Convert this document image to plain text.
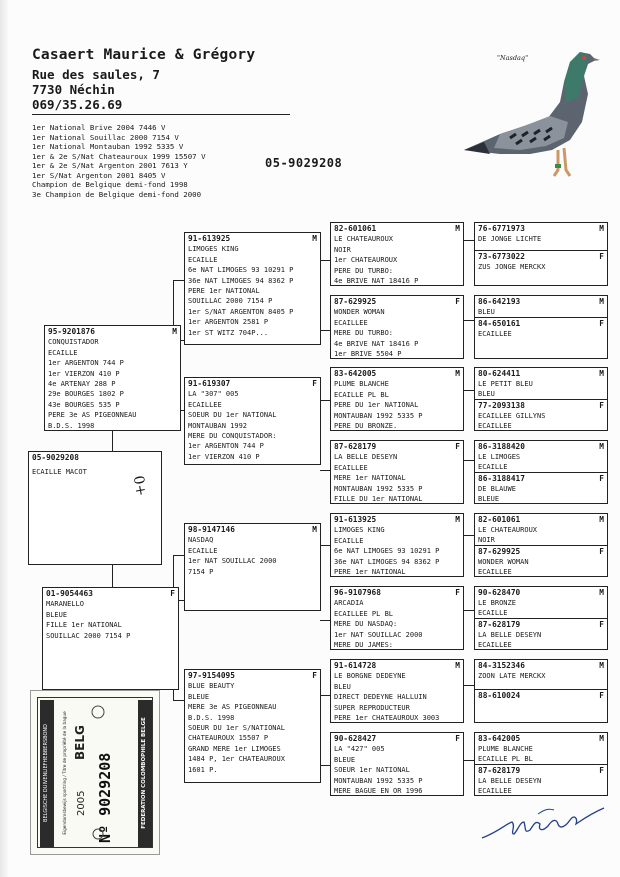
Casaert Maurice & Grégory
Rue des saules, 7
7730 Néchin
069/35.26.69
1er National Brive 2004 7446 V
1er National Souillac 2000 7154 V
1er National Montauban 1992 5335 V
1er & 2e S/Nat Chateauroux 1999 15507 V
1er & 2e S/Nat Argenton 2001 7613 Y
1er S/Nat Argenton 2001 8405 V
Champion de Belgique demi-fond 1998
3e Champion de Belgique demi-fond 2000
05-9029208
"Nasdaq"
95-9201876	M
CONQUISTADOR
ECAILLE
1er ARGENTON 744 P
1er VIERZON 410 P
4e ARTENAY 288 P
29e BOURGES 1802 P
43e BOURGES 535 P
PERE 3e AS PIGEONNEAU
B.D.S. 1998
05-9029208
ECAILLE MACOT
0+
01-9054463	F
MARANELLO
BLEUE
FILLE 1er NATIONAL
SOUILLAC 2000 7154 P
91-613925	M
LIMOGES KING
ECAILLE
6e NAT LIMOGES 93 10291 P
36e NAT LIMOGES 94 8362 P
PERE 1er NATIONAL
SOUILLAC 2000 7154 P
1er S/NAT ARGENTON 8405 P
1er ARGENTON 2581 P
1er ST WITZ 704P...
91-619307	F
LA "307" 005
ECAILLEE
SOEUR DU 1er NATIONAL
MONTAUBAN 1992
MERE DU CONQUISTADOR:
1er ARGENTON 744 P
1er VIERZON 410 P
98-9147146	M
NASDAQ
ECAILLE
1er NAT SOUILLAC 2000
7154 P
97-9154095	F
BLUE BEAUTY
BLEUE
MERE 3e AS PIGEONNEAU
B.D.S. 1998
SOEUR DU 1er S/NATIONAL
CHATEAUROUX 15507 P
GRAND MERE 1er LIMOGES
1484 P, 1er CHATEAUROUX
1601 P.
82-601061	M
LE CHATEAUROUX
NOIR
1er CHATEAUROUX
PERE DU TURBO:
4e BRIVE NAT 18416 P
87-629925	F
WONDER WOMAN
ECAILLEE
MERE DU TURBO:
4e BRIVE NAT 18416 P
1er BRIVE 5504 P
83-642005	M
PLUME BLANCHE
ECAILLE PL BL
PERE DU 1er NATIONAL
MONTAUBAN 1992 5335 P
PERE DU BRONZE.
87-628179	F
LA BELLE DESEYN
ECAILLEE
MERE 1er NATIONAL
MONTAUBAN 1992 5335 P
FILLE DU 1er NATIONAL
91-613925	M
LIMOGES KING
ECAILLE
6e NAT LIMOGES 93 10291 P
36e NAT LIMOGES 94 8362 P
PERE 1er NATIONAL
96-9107968	F
ARCADIA
ECAILLEE PL BL
MERE DU NASDAQ:
1er NAT SOUILLAC 2000
MERE DU JAMES:
91-614728	M
LE BORGNE DEDEYNE
BLEU
DIRECT DEDEYNE HALLUIN
SUPER REPRODUCTEUR
PERE 1er CHATEAUROUX 3003
90-628427	F
LA "427" 005
BLEUE
SOEUR 1er NATIONAL
MONTAUBAN 1992 5335 P
MERE BAGUE EN OR 1996
76-6771973	M
DE JONGE LICHTE
73-6773022	F
ZUS JONGE MERCKX
86-642193	M
BLEU
84-650161	F
ECAILLEE
80-624411	M
LE PETIT BLEU
BLEU
77-2093138	F
ECAILLEE GILLYNS
ECAILLEE
86-3188420	M
LE LIMOGES
ECAILLE
86-3188417	F
DE BLAUWE
BLEUE
82-601061	M
LE CHATEAUROUX
NOIR
87-629925	F
WONDER WOMAN
ECAILLEE
90-628470	M
LE BRONZE
ECAILLE
87-628179	F
LA BELLE DESEYN
ECAILLEE
84-3152346	M
ZOON LATE MERCKX
88-610024	F
83-642005	M
PLUME BLANCHE
ECAILLE PL BL
87-628179	F
LA BELLE DESEYN
ECAILLEE
BELGISCHE DUIVENLIEFHEBBERSBOND	FEDERATION COLOMBOPHILE BELGE
Eigendomsbewijs sportring / Titre de propriété de la bague 2005
BELG
Nº 9029208
